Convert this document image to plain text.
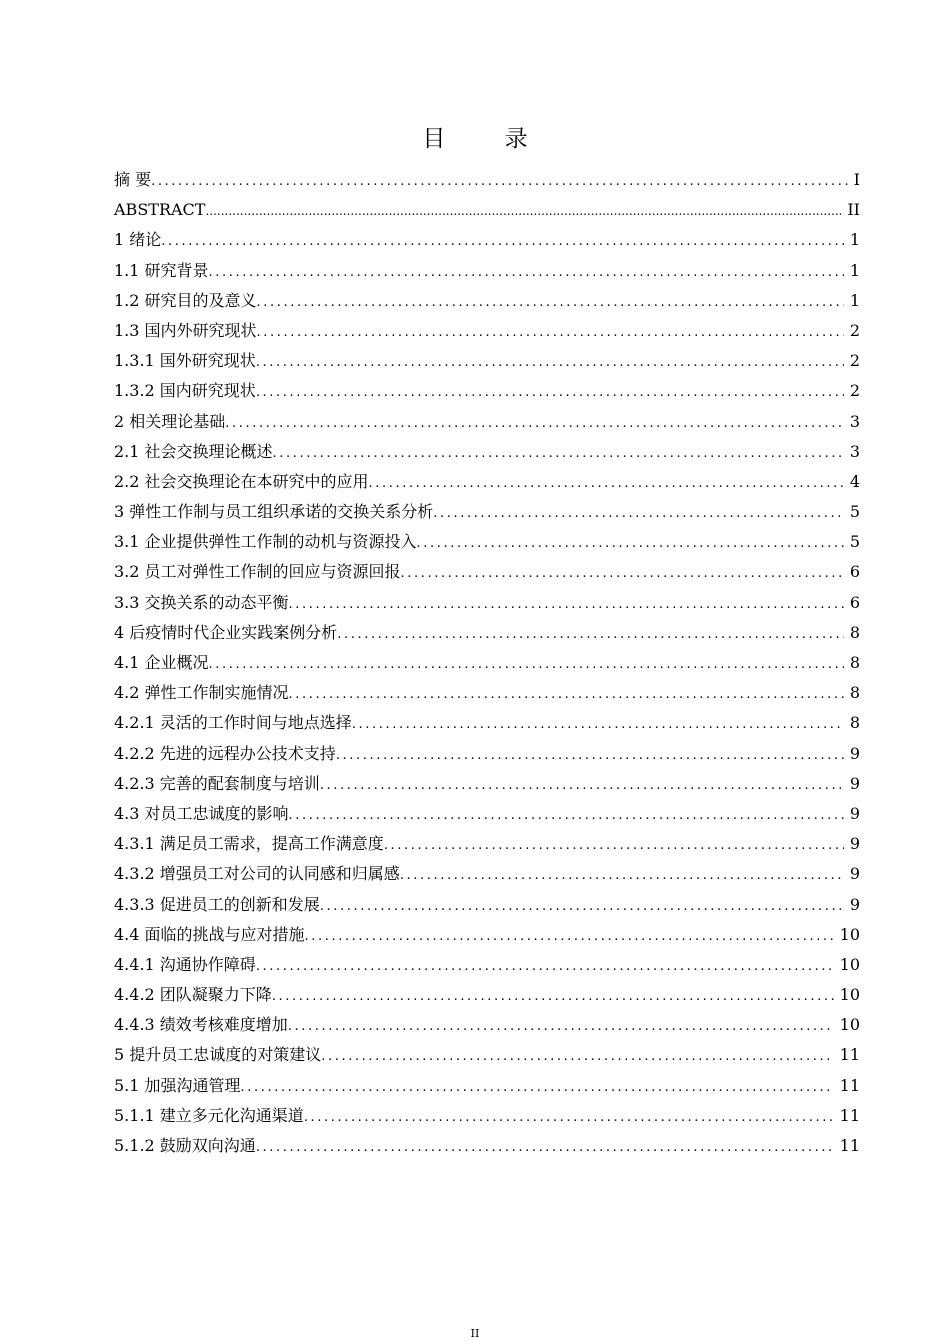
目 录
摘 要 .....	I
ABSTRACT .....	II
1 绪论 .....	1
1.1 研究背景 .....	1
1.2 研究目的及意义 .....	1
1.3 国内外研究现状 .....	2
1.3.1 国外研究现状 .....	2
1.3.2 国内研究现状 .....	2
2 相关理论基础 .....	3
2.1 社会交换理论概述 .....	3
2.2 社会交换理论在本研究中的应用 .....	4
3 弹性工作制与员工组织承诺的交换关系分析 .....	5
3.1 企业提供弹性工作制的动机与资源投入 .....	5
3.2 员工对弹性工作制的回应与资源回报 .....	6
3.3 交换关系的动态平衡 .....	6
4 后疫情时代企业实践案例分析 .....	8
4.1 企业概况 .....	8
4.2 弹性工作制实施情况 .....	8
4.2.1 灵活的工作时间与地点选择 .....	8
4.2.2 先进的远程办公技术支持 .....	9
4.2.3 完善的配套制度与培训 .....	9
4.3 对员工忠诚度的影响 .....	9
4.3.1 满足员工需求，提高工作满意度 .....	9
4.3.2 增强员工对公司的认同感和归属感 .....	9
4.3.3 促进员工的创新和发展 .....	9
4.4 面临的挑战与应对措施 .....	10
4.4.1 沟通协作障碍 .....	10
4.4.2 团队凝聚力下降 .....	10
4.4.3 绩效考核难度增加 .....	10
5 提升员工忠诚度的对策建议 .....	11
5.1 加强沟通管理 .....	11
5.1.1 建立多元化沟通渠道 .....	11
5.1.2 鼓励双向沟通 .....	11
II
